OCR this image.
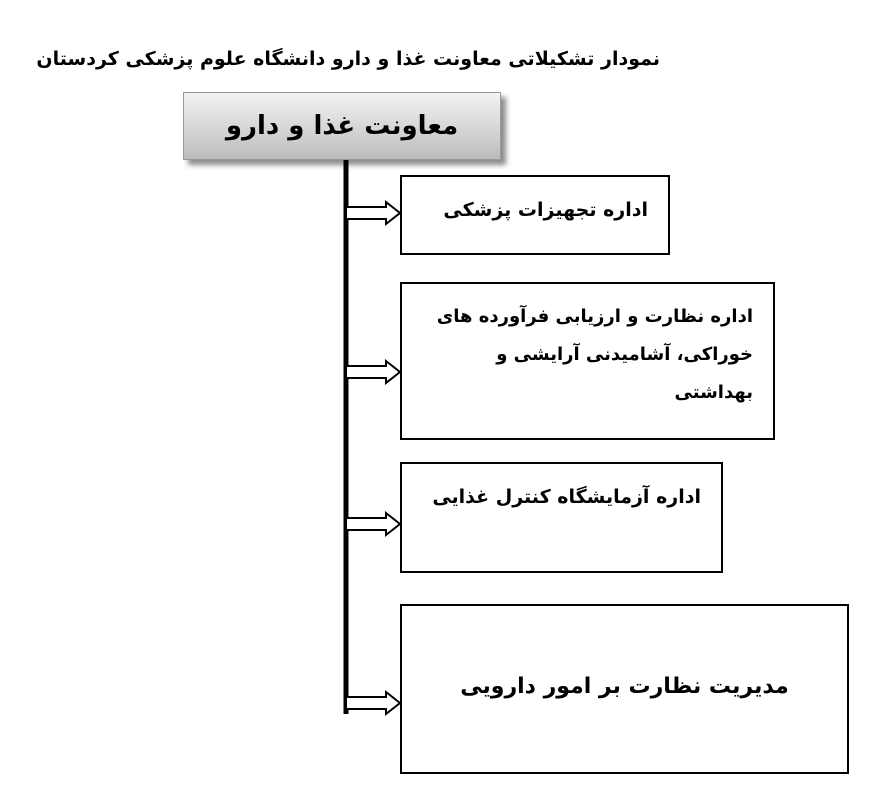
نمودار تشکیلاتی معاونت غذا و دارو دانشگاه علوم پزشکی کردستان
معاونت غذا و دارو
اداره تجهیزات پزشکی
اداره نظارت و ارزیابی فرآورده های خوراکی، آشامیدنی آرایشی و بهداشتی
اداره آزمایشگاه کنترل غذایی
مدیریت نظارت بر امور دارویی
